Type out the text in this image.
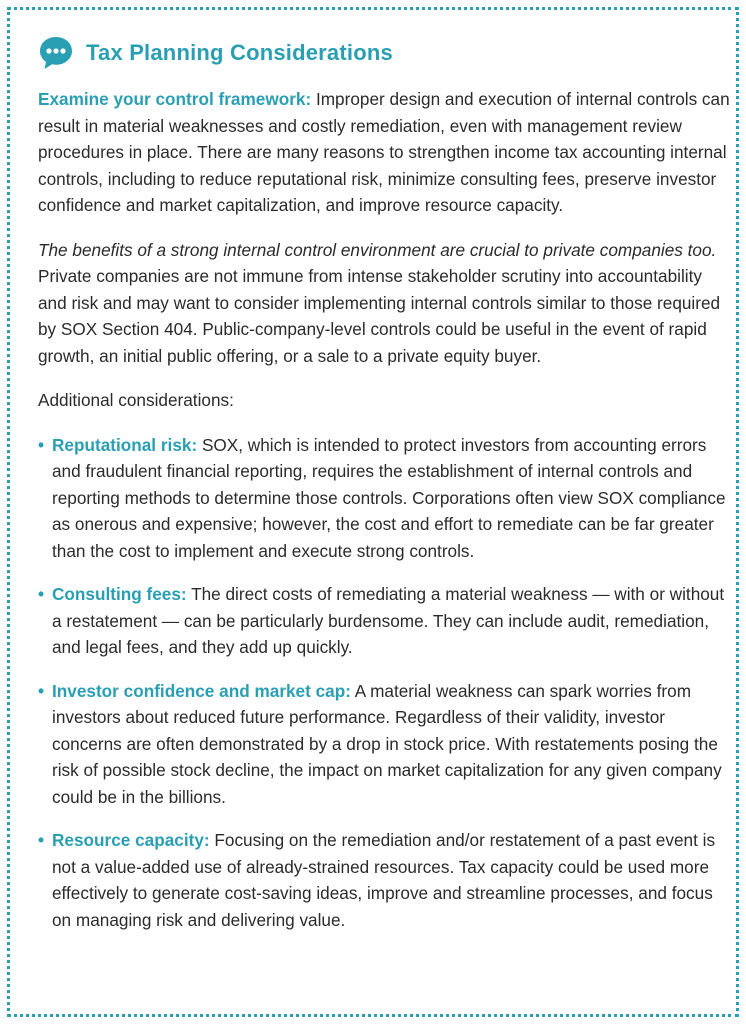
Tax Planning Considerations

Examine your control framework: Improper design and execution of internal controls can result in material weaknesses and costly remediation, even with management review procedures in place. There are many reasons to strengthen income tax accounting internal controls, including to reduce reputational risk, minimize consulting fees, preserve investor confidence and market capitalization, and improve resource capacity.

The benefits of a strong internal control environment are crucial to private companies too. Private companies are not immune from intense stakeholder scrutiny into accountability and risk and may want to consider implementing internal controls similar to those required by SOX Section 404. Public-company-level controls could be useful in the event of rapid growth, an initial public offering, or a sale to a private equity buyer.

Additional considerations:

• Reputational risk: SOX, which is intended to protect investors from accounting errors and fraudulent financial reporting, requires the establishment of internal controls and reporting methods to determine those controls. Corporations often view SOX compliance as onerous and expensive; however, the cost and effort to remediate can be far greater than the cost to implement and execute strong controls.
• Consulting fees: The direct costs of remediating a material weakness — with or without a restatement — can be particularly burdensome. They can include audit, remediation, and legal fees, and they add up quickly.
• Investor confidence and market cap: A material weakness can spark worries from investors about reduced future performance. Regardless of their validity, investor concerns are often demonstrated by a drop in stock price. With restatements posing the risk of possible stock decline, the impact on market capitalization for any given company could be in the billions.
• Resource capacity: Focusing on the remediation and/or restatement of a past event is not a value-added use of already-strained resources. Tax capacity could be used more effectively to generate cost-saving ideas, improve and streamline processes, and focus on managing risk and delivering value.
